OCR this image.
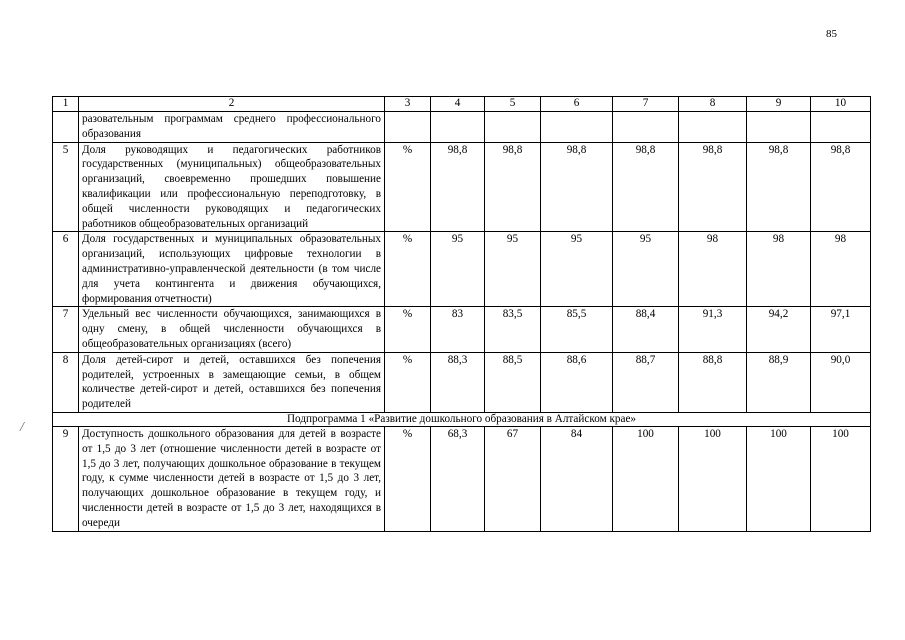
85
/
1	2	3	4	5	6	7	8	9	10
	разовательным программам среднего профессионального образования								
5	Доля руководящих и педагогических работников государственных (муниципальных) общеобразовательных организаций, своевременно прошедших повышение квалификации или профессиональную переподготовку, в общей численности руководящих и педагогических работников общеобразовательных организаций	%	98,8	98,8	98,8	98,8	98,8	98,8	98,8
6	Доля государственных и муниципальных образовательных организаций, использующих цифровые технологии в административно-управленческой деятельности (в том числе для учета контингента и движения обучающихся, формирования отчетности)	%	95	95	95	95	98	98	98
7	Удельный вес численности обучающихся, занимающихся в одну смену, в общей численности обучающихся в общеобразовательных организациях (всего)	%	83	83,5	85,5	88,4	91,3	94,2	97,1
8	Доля детей-сирот и детей, оставшихся без попечения родителей, устроенных в замещающие семьи, в общем количестве детей-сирот и детей, оставшихся без попечения родителей	%	88,3	88,5	88,6	88,7	88,8	88,9	90,0
Подпрограмма 1 «Развитие дошкольного образования в Алтайском крае»									
9	Доступность дошкольного образования для детей в возрасте от 1,5 до 3 лет (отношение численности детей в возрасте от 1,5 до 3 лет, получающих дошкольное образование в текущем году, к сумме численности детей в возрасте от 1,5 до 3 лет, получающих дошкольное образование в текущем году, и численности детей в возрасте от 1,5 до 3 лет, находящихся в очереди	%	68,3	67	84	100	100	100	100
